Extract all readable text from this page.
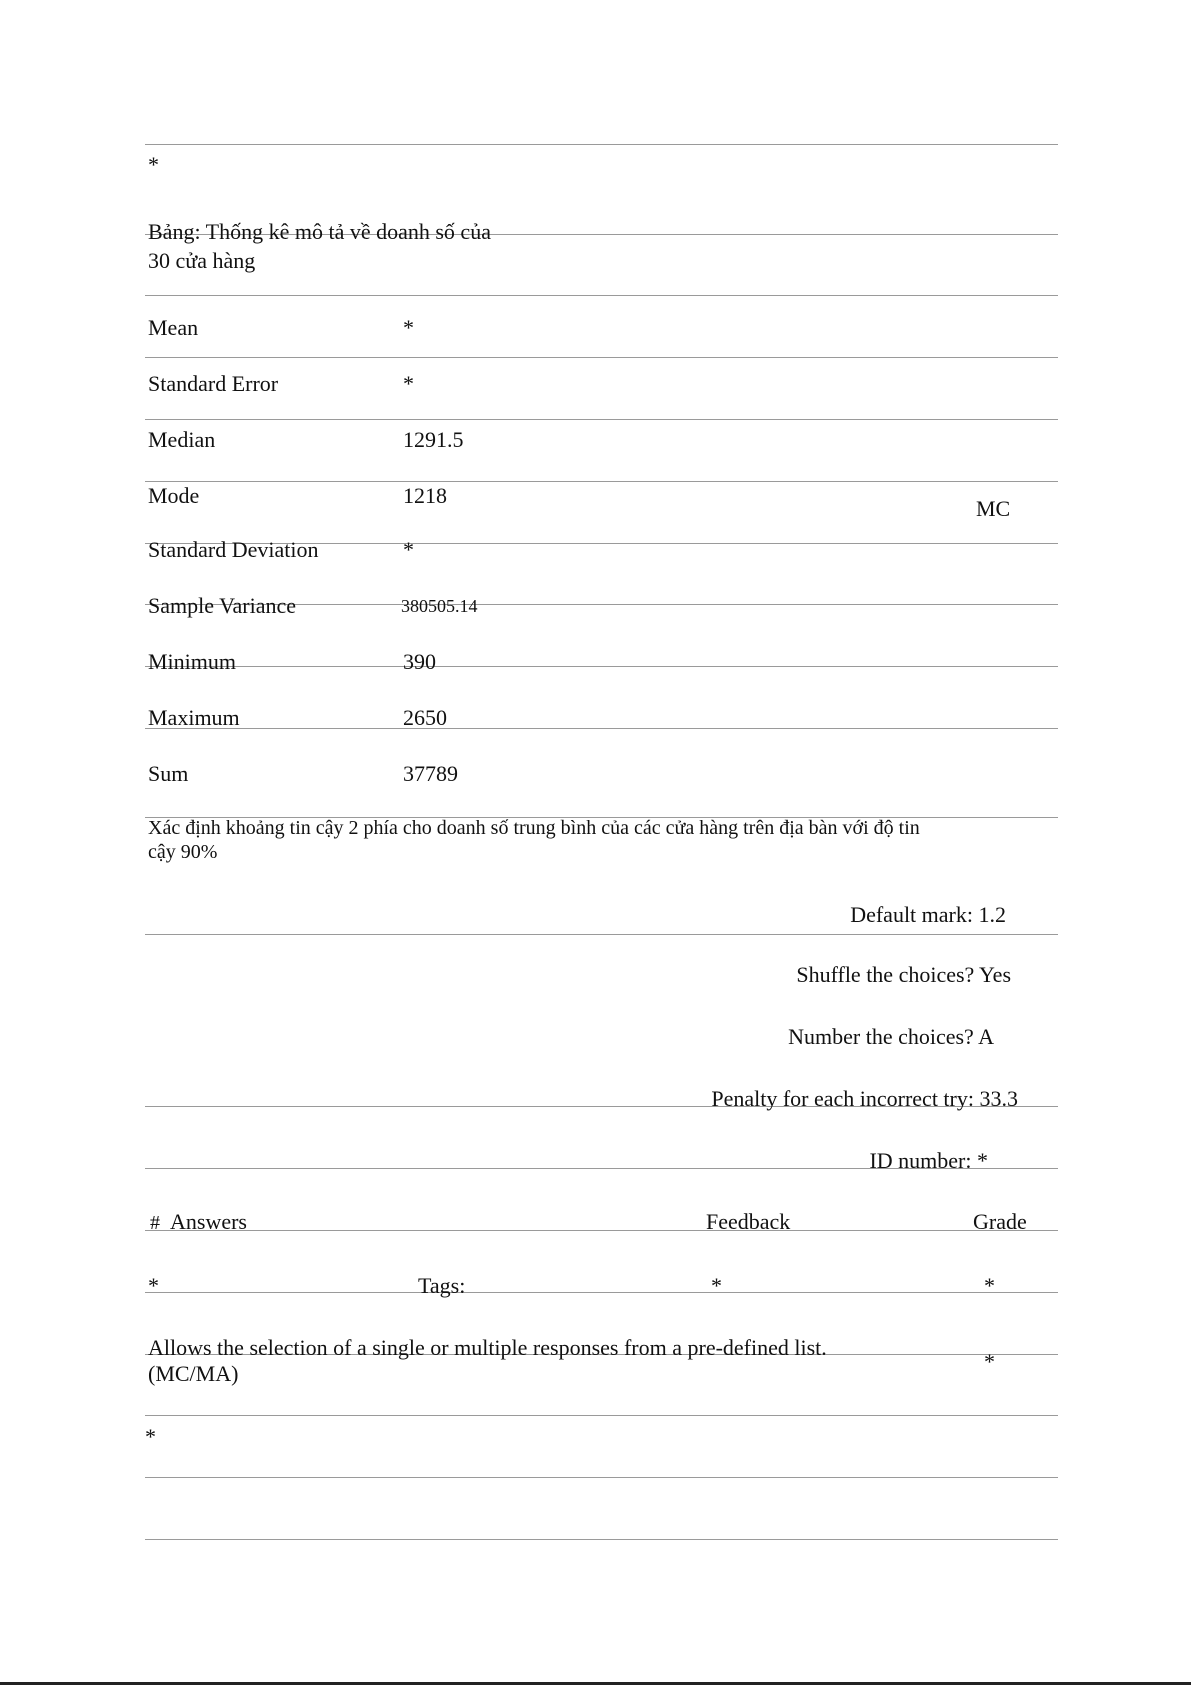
*
Bảng: Thống kê mô tả về doanh số của
30 cửa hàng
Mean	*
Standard Error	*
Median	1291.5
Mode	1218
MC
Standard Deviation	*
Sample Variance	380505.14
Minimum	390
Maximum	2650
Sum	37789
Xác định khoảng tin cậy 2 phía cho doanh số trung bình của các cửa hàng trên địa bàn với độ tin
cậy 90%
Default mark: 1.2
Shuffle the choices? Yes
Number the choices? A
Penalty for each incorrect try: 33.3
ID number: *
# Answers	Feedback	Grade
*	Tags:	*	*
Allows the selection of a single or multiple responses from a pre-defined list.
(MC/MA)	*
*
